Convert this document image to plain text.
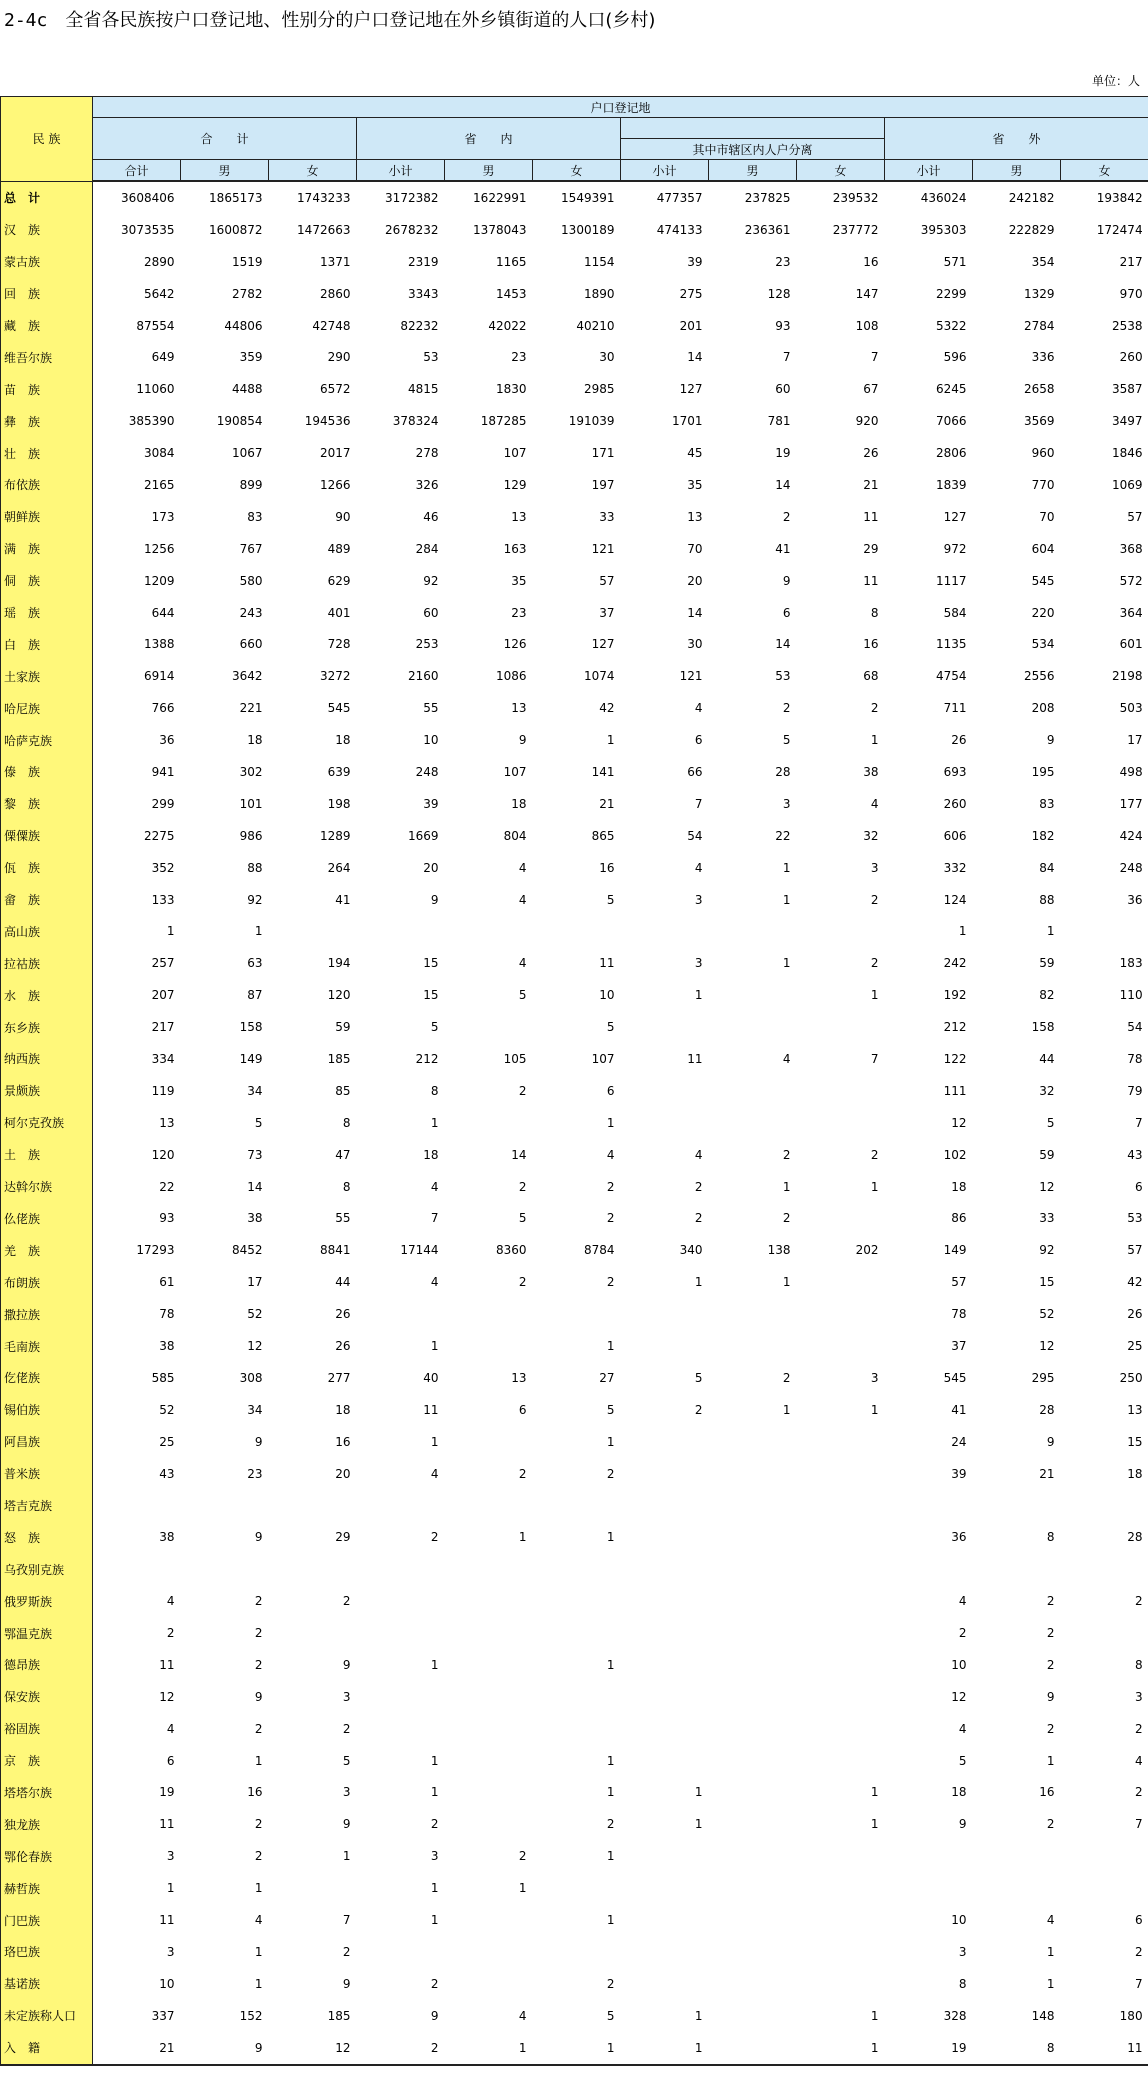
2-4c 全省各民族按户口登记地、性别分的户口登记地在外乡镇街道的人口(乡村)
单位：人
民 族	户口登记地											
	合　　计			省　　内						省　　外		
							其中市辖区内人户分离					
	合计	男	女	小计	男	女	小计	男	女	小计	男	女
总　计	3608406	1865173	1743233	3172382	1622991	1549391	477357	237825	239532	436024	242182	193842
汉　族	3073535	1600872	1472663	2678232	1378043	1300189	474133	236361	237772	395303	222829	172474
蒙古族	2890	1519	1371	2319	1165	1154	39	23	16	571	354	217
回　族	5642	2782	2860	3343	1453	1890	275	128	147	2299	1329	970
藏　族	87554	44806	42748	82232	42022	40210	201	93	108	5322	2784	2538
维吾尔族	649	359	290	53	23	30	14	7	7	596	336	260
苗　族	11060	4488	6572	4815	1830	2985	127	60	67	6245	2658	3587
彝　族	385390	190854	194536	378324	187285	191039	1701	781	920	7066	3569	3497
壮　族	3084	1067	2017	278	107	171	45	19	26	2806	960	1846
布依族	2165	899	1266	326	129	197	35	14	21	1839	770	1069
朝鲜族	173	83	90	46	13	33	13	2	11	127	70	57
满　族	1256	767	489	284	163	121	70	41	29	972	604	368
侗　族	1209	580	629	92	35	57	20	9	11	1117	545	572
瑶　族	644	243	401	60	23	37	14	6	8	584	220	364
白　族	1388	660	728	253	126	127	30	14	16	1135	534	601
土家族	6914	3642	3272	2160	1086	1074	121	53	68	4754	2556	2198
哈尼族	766	221	545	55	13	42	4	2	2	711	208	503
哈萨克族	36	18	18	10	9	1	6	5	1	26	9	17
傣　族	941	302	639	248	107	141	66	28	38	693	195	498
黎　族	299	101	198	39	18	21	7	3	4	260	83	177
傈僳族	2275	986	1289	1669	804	865	54	22	32	606	182	424
佤　族	352	88	264	20	4	16	4	1	3	332	84	248
畲　族	133	92	41	9	4	5	3	1	2	124	88	36
高山族	1	1								1	1	
拉祜族	257	63	194	15	4	11	3	1	2	242	59	183
水　族	207	87	120	15	5	10	1		1	192	82	110
东乡族	217	158	59	5		5				212	158	54
纳西族	334	149	185	212	105	107	11	4	7	122	44	78
景颇族	119	34	85	8	2	6				111	32	79
柯尔克孜族	13	5	8	1		1				12	5	7
土　族	120	73	47	18	14	4	4	2	2	102	59	43
达斡尔族	22	14	8	4	2	2	2	1	1	18	12	6
仫佬族	93	38	55	7	5	2	2	2		86	33	53
羌　族	17293	8452	8841	17144	8360	8784	340	138	202	149	92	57
布朗族	61	17	44	4	2	2	1	1		57	15	42
撒拉族	78	52	26							78	52	26
毛南族	38	12	26	1		1				37	12	25
仡佬族	585	308	277	40	13	27	5	2	3	545	295	250
锡伯族	52	34	18	11	6	5	2	1	1	41	28	13
阿昌族	25	9	16	1		1				24	9	15
普米族	43	23	20	4	2	2				39	21	18
塔吉克族												
怒　族	38	9	29	2	1	1				36	8	28
乌孜别克族												
俄罗斯族	4	2	2							4	2	2
鄂温克族	2	2								2	2	
德昂族	11	2	9	1		1				10	2	8
保安族	12	9	3							12	9	3
裕固族	4	2	2							4	2	2
京　族	6	1	5	1		1				5	1	4
塔塔尔族	19	16	3	1		1	1		1	18	16	2
独龙族	11	2	9	2		2	1		1	9	2	7
鄂伦春族	3	2	1	3	2	1						
赫哲族	1	1		1	1							
门巴族	11	4	7	1		1				10	4	6
珞巴族	3	1	2							3	1	2
基诺族	10	1	9	2		2				8	1	7
未定族称人口	337	152	185	9	4	5	1		1	328	148	180
入　籍	21	9	12	2	1	1	1		1	19	8	11
